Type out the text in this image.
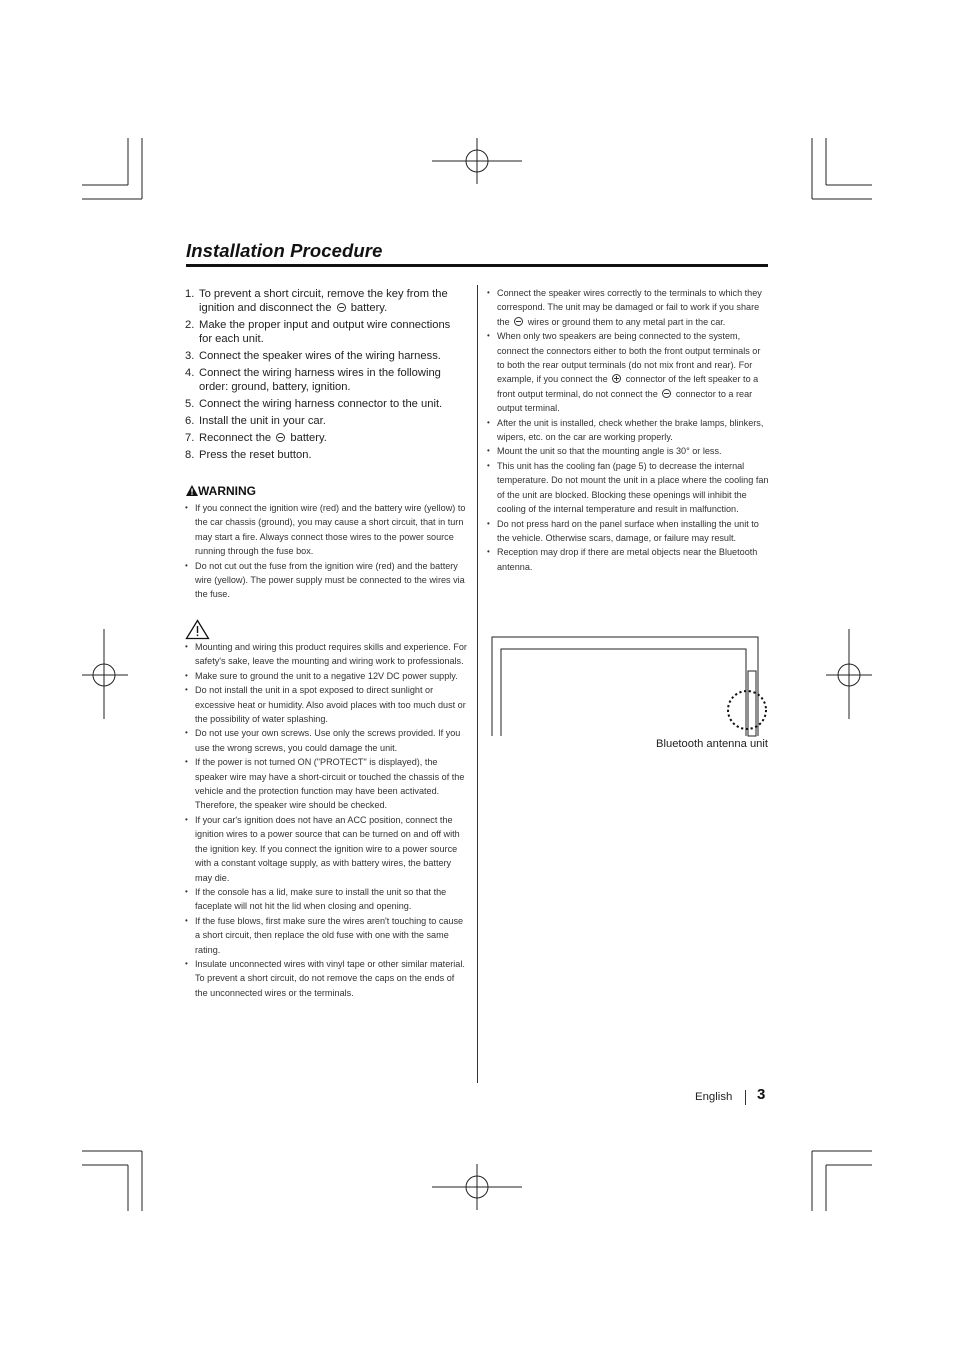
Installation Procedure
1. To prevent a short circuit, remove the key from the ignition and disconnect the  battery.
2. Make the proper input and output wire connections for each unit.
3. Connect the speaker wires of the wiring harness.
4. Connect the wiring harness wires in the following order: ground, battery, ignition.
5. Connect the wiring harness connector to the unit.
6. Install the unit in your car.
7. Reconnect the  battery.
8. Press the reset button.
WARNING
• If you connect the ignition wire (red) and the battery wire (yellow) to the car chassis (ground), you may cause a short circuit, that in turn may start a fire. Always connect those wires to the power source running through the fuse box.
• Do not cut out the fuse from the ignition wire (red) and the battery wire (yellow). The power supply must be connected to the wires via the fuse.
• Mounting and wiring this product requires skills and experience. For safety's sake, leave the mounting and wiring work to professionals.
• Make sure to ground the unit to a negative 12V DC power supply.
• Do not install the unit in a spot exposed to direct sunlight or excessive heat or humidity. Also avoid places with too much dust or the possibility of water splashing.
• Do not use your own screws. Use only the screws provided. If you use the wrong screws, you could damage the unit.
• If the power is not turned ON ("PROTECT" is displayed), the speaker wire may have a short-circuit or touched the chassis of the vehicle and the protection function may have been activated. Therefore, the speaker wire should be checked.
• If your car's ignition does not have an ACC position, connect the ignition wires to a power source that can be turned on and off with the ignition key. If you connect the ignition wire to a power source with a constant voltage supply, as with battery wires, the battery may die.
• If the console has a lid, make sure to install the unit so that the faceplate will not hit the lid when closing and opening.
• If the fuse blows, first make sure the wires aren't touching to cause a short circuit, then replace the old fuse with one with the same rating.
• Insulate unconnected wires with vinyl tape or other similar material. To prevent a short circuit, do not remove the caps on the ends of the unconnected wires or the terminals.
• Connect the speaker wires correctly to the terminals to which they correspond. The unit may be damaged or fail to work if you share the  wires or ground them to any metal part in the car.
• When only two speakers are being connected to the system, connect the connectors either to both the front output terminals or to both the rear output terminals (do not mix front and rear). For example, if you connect the  connector of the left speaker to a front output terminal, do not connect the  connector to a rear output terminal.
• After the unit is installed, check whether the brake lamps, blinkers, wipers, etc. on the car are working properly.
• Mount the unit so that the mounting angle is 30° or less.
• This unit has the cooling fan (page 5) to decrease the internal temperature. Do not mount the unit in a place where the cooling fan of the unit are blocked. Blocking these openings will inhibit the cooling of the internal temperature and result in malfunction.
• Do not press hard on the panel surface when installing the unit to the vehicle. Otherwise scars, damage, or failure may result.
• Reception may drop if there are metal objects near the Bluetooth antenna.
Bluetooth antenna unit
English 3
